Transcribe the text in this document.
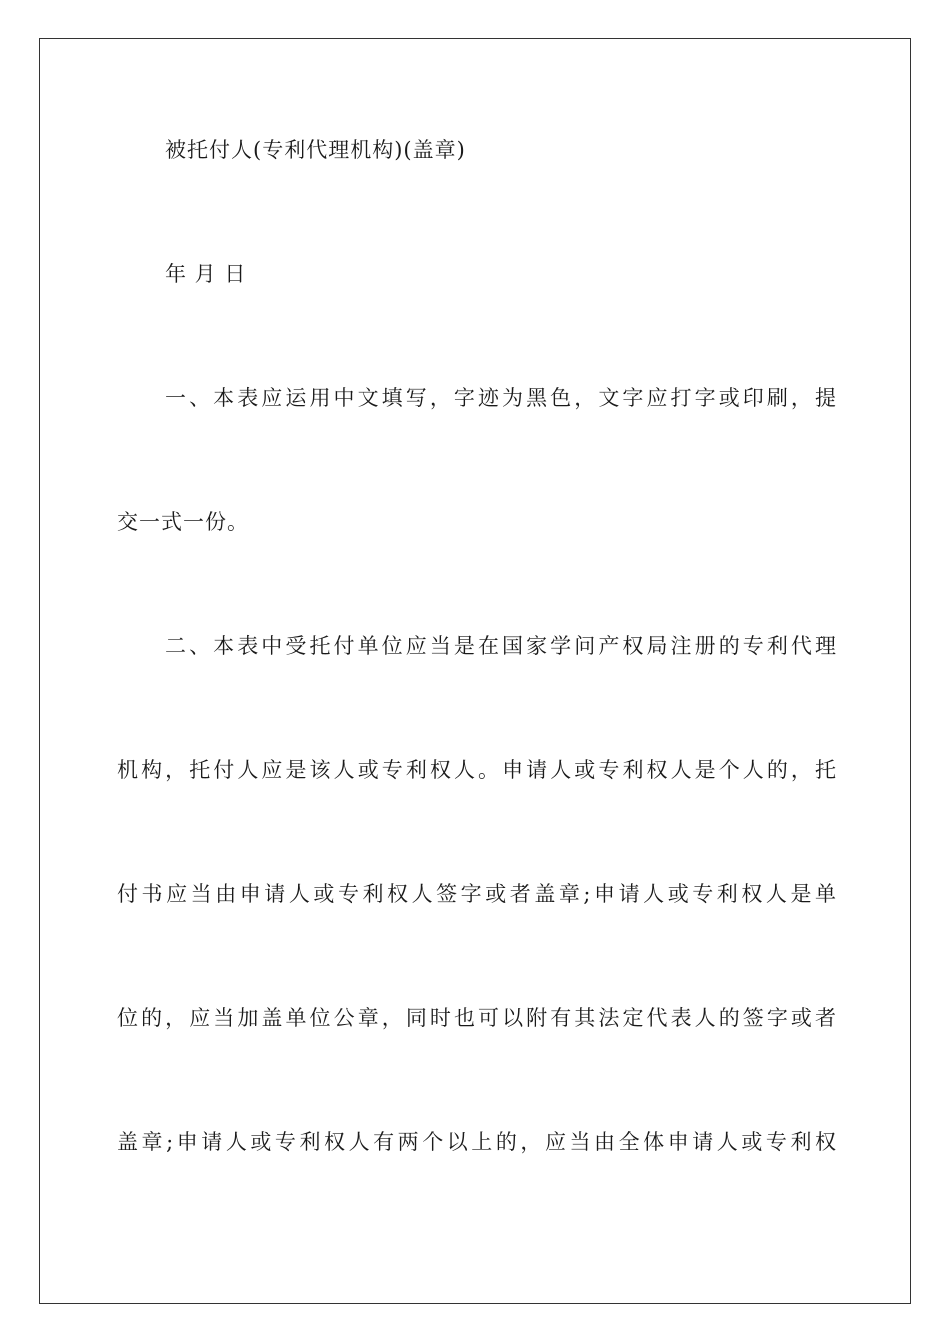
被托付人(专利代理机构)(盖章)
年 月 日
一、本表应运用中文填写，字迹为黑色，文字应打字或印刷，提
交一式一份。
二、本表中受托付单位应当是在国家学问产权局注册的专利代理
机构，托付人应是该人或专利权人。申请人或专利权人是个人的，托
付书应当由申请人或专利权人签字或者盖章;申请人或专利权人是单
位的，应当加盖单位公章，同时也可以附有其法定代表人的签字或者
盖章;申请人或专利权人有两个以上的，应当由全体申请人或专利权
